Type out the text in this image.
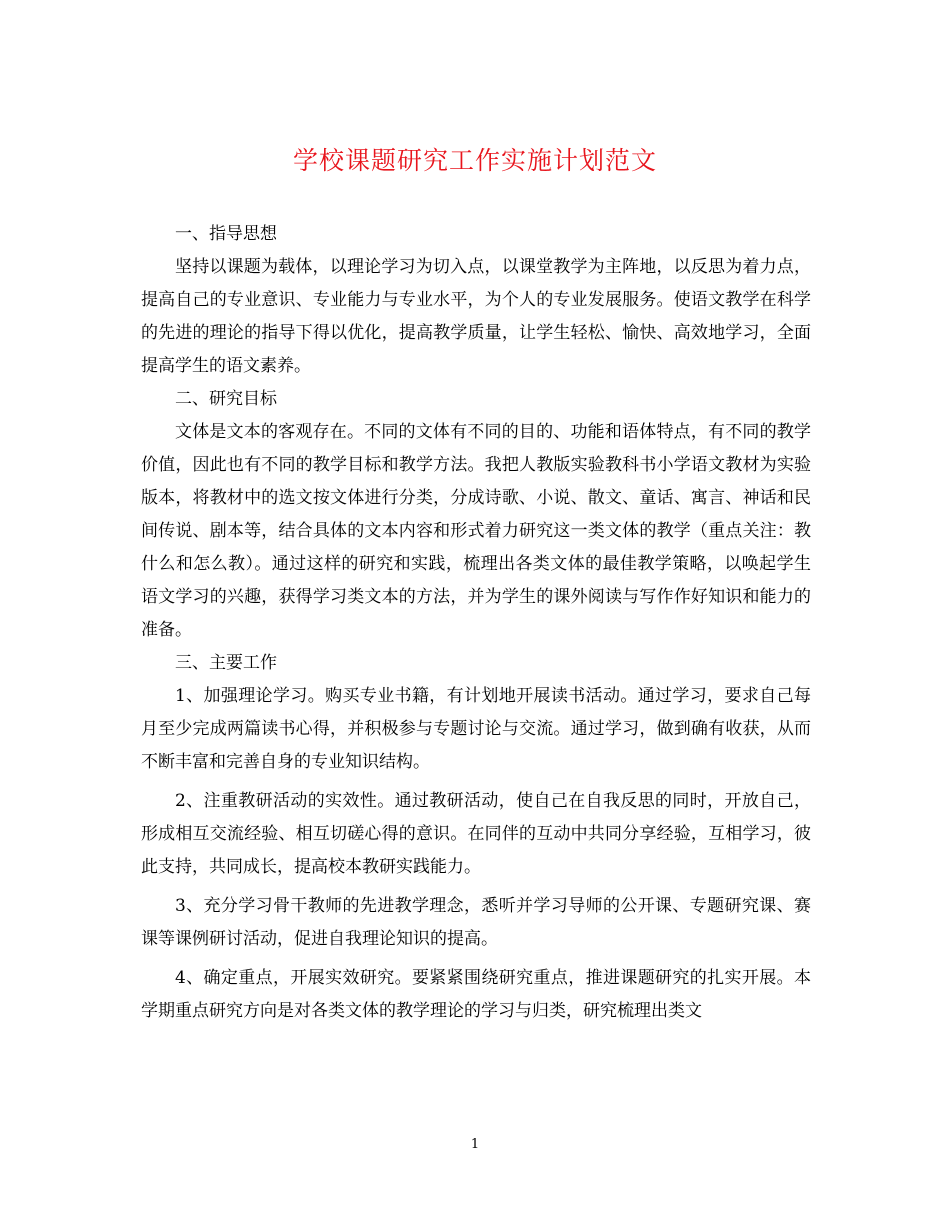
学校课题研究工作实施计划范文

一、指导思想

坚持以课题为载体，以理论学习为切入点，以课堂教学为主阵地，以反思为着力点，提高自己的专业意识、专业能力与专业水平，为个人的专业发展服务。使语文教学在科学的先进的理论的指导下得以优化，提高教学质量，让学生轻松、愉快、高效地学习，全面提高学生的语文素养。

二、研究目标

文体是文本的客观存在。不同的文体有不同的目的、功能和语体特点，有不同的教学价值，因此也有不同的教学目标和教学方法。我把人教版实验教科书小学语文教材为实验版本，将教材中的选文按文体进行分类，分成诗歌、小说、散文、童话、寓言、神话和民间传说、剧本等，结合具体的文本内容和形式着力研究这一类文体的教学（重点关注：教什么和怎么教）。通过这样的研究和实践，梳理出各类文体的最佳教学策略，以唤起学生语文学习的兴趣，获得学习类文本的方法，并为学生的课外阅读与写作作好知识和能力的准备。

三、主要工作

1、加强理论学习。购买专业书籍，有计划地开展读书活动。通过学习，要求自己每月至少完成两篇读书心得，并积极参与专题讨论与交流。通过学习，做到确有收获，从而不断丰富和完善自身的专业知识结构。

2、注重教研活动的实效性。通过教研活动，使自己在自我反思的同时，开放自己，形成相互交流经验、相互切磋心得的意识。在同伴的互动中共同分享经验，互相学习，彼此支持，共同成长，提高校本教研实践能力。

3、充分学习骨干教师的先进教学理念，悉听并学习导师的公开课、专题研究课、赛课等课例研讨活动，促进自我理论知识的提高。

4、确定重点，开展实效研究。要紧紧围绕研究重点，推进课题研究的扎实开展。本学期重点研究方向是对各类文体的教学理论的学习与归类，研究梳理出类文

1
